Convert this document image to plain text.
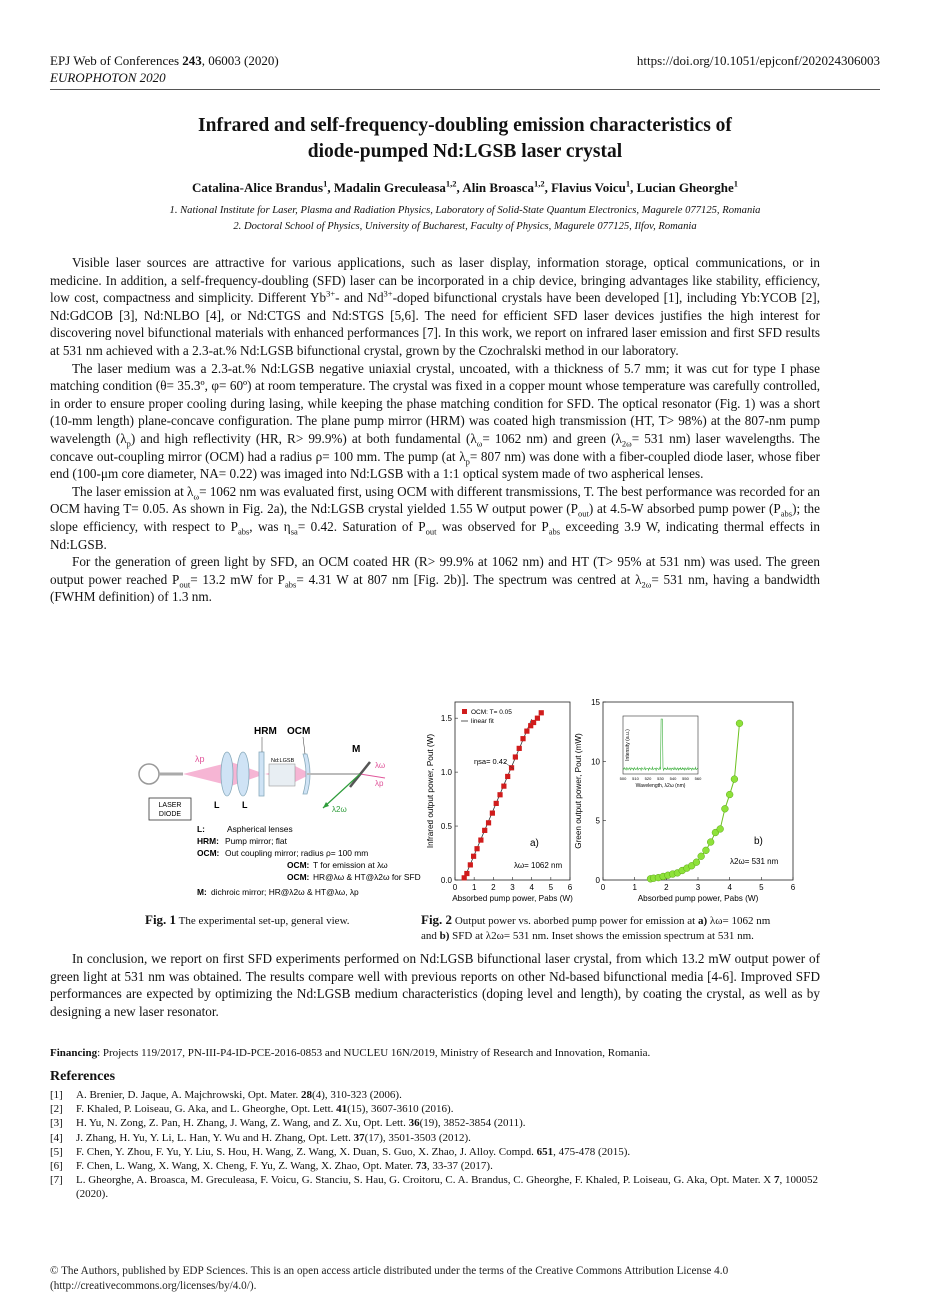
EPJ Web of Conferences 243, 06003 (2020)
EUROPHOTON 2020
https://doi.org/10.1051/epjconf/202024306003
Infrared and self-frequency-doubling emission characteristics of
diode-pumped Nd:LGSB laser crystal
Catalina-Alice Brandus$^1$, Madalin Greculeasa$^{1,2}$, Alin Broasca$^{1,2}$, Flavius Voicu$^1$, Lucian Gheorghe$^1$
1. National Institute for Laser, Plasma and Radiation Physics, Laboratory of Solid-State Quantum Electronics, Magurele 077125, Romania
2. Doctoral School of Physics, University of Bucharest, Faculty of Physics, Magurele 077125, Ilfov, Romania

Visible laser sources are attractive for various applications, such as laser display, information storage, optical communications, or in medicine. In addition, a self-frequency-doubling (SFD) laser can be incorporated in a chip device, bringing advantages like stability, efficiency, low cost, compactness and simplicity. Different $Yb^{3+}-$ and $Nd^{3+}$-doped bifunctional crystals have been developed [1], including Yb:YCOB [2], Nd:GdCOB [3], Nd:NLBO [4], or Nd:CTGS and Nd:STGS [5,6]. The need for efficient SFD laser devices justifies the high interest for discovering novel bifunctional materials with enhanced performances [7]. In this work, we report on infrared laser emission and first SFD results at 531 nm achieved with a 2.3-at.% Nd:LGSB bifunctional crystal, grown by the Czochralski method in our laboratory.

The laser medium was a 2.3-at.% Nd:LGSB negative uniaxial crystal, uncoated, with a thickness of 5.7 mm; it was cut for type I phase matching condition (θ= 35.3º, φ= 60º) at room temperature. The crystal was fixed in a copper mount whose temperature was carefully controlled, in order to ensure proper cooling during lasing, while keeping the phase matching condition for SFD. The optical resonator (Fig. 1) was a short (10-mm length) plane-concave configuration. The plane pump mirror (HRM) was coated high transmission (HT, T> 98%) at the 807-nm pump wavelength $(\lambda_p)$ and high reflectivity (HR, R> 99.9%) at both fundamental ($\lambda_\omega= 1062$ nm) and green ($\lambda_{2\omega}= 531$ nm) laser wavelengths. The concave out-coupling mirror (OCM) had a radius ρ= 100 mm. The pump (at $\lambda_p= 807$ nm) was done with a fiber-coupled diode laser, whose fiber end (100-μm core diameter, NA= 0.22) was imaged into Nd:LGSB with a 1:1 optical system made of two aspherical lenses.

The laser emission at $\lambda_\omega= 1062$ nm was evaluated first, using OCM with different transmissions, T. The best performance was recorded for an OCM having T= 0.05. As shown in Fig. 2a), the Nd:LGSB crystal yielded 1.55 W output power $(P_{out})$ at 4.5-W absorbed pump power $(P_{abs})$; the slope efficiency, with respect to $P_{abs}$, was $\eta_{sa}= 0.42$. Saturation of $P_{out}$ was observed for $P_{abs}$ exceeding 3.9 W, indicating thermal effects in Nd:LGSB.

For the generation of green light by SFD, an OCM coated HR (R> 99.9% at 1062 nm) and HT (T> 95% at 531 nm) was used. The green output power reached $P_{out}= 13.2$ mW for $P_{abs}= 4.31$ W at 807 nm [Fig. 2b)]. The spectrum was centred at $\lambda_{2\omega}= 531$ nm, having a bandwidth (FWHM definition) of 1.3 nm.

LASER
DIODE
λp
L	L
HRM
Nd:LGSB
OCM
M
λ2ω
λω
λp
L:	Aspherical lenses
HRM: Pump mirror; flat
OCM: Out coupling mirror; radius ρ= 100 mm
OCM: T for emission at λω
OCM: HR@λω & HT@λ2ω for SFD
M: dichroic mirror; HR@λ2ω & HT@λω, λp
Fig. 1 The experimental set-up, general view.
0 1 2 3 4 5 6
0.0
0.5
1.0
1.5
Absorbed pump power, Pabs (W)
Infrared output power, Pout (W)
OCM: T= 0.05
linear fit
ηsa= 0.42
λω= 1062 nm
a)
0	1	2	3	4	5	6
0
5
10
15
Absorbed pump power, Pabs (W)
Green output power, Pout (mW)
λ2ω= 531 nm
b)
500 510 520 530 540 550 560
Wavelength, λ2ω (nm)
Intensity (a.u.)
Fig. 2 Output power vs. aborbed pump power for emission at a) λω= 1062 nm
and b) SFD at λ2ω= 531 nm. Inset shows the emission spectrum at 531 nm.

In conclusion, we report on first SFD experiments performed on Nd:LGSB bifunctional laser crystal, from which 13.2 mW output power of green light at 531 nm was obtained. The results compare well with previous reports on other Nd-based bifunctional media [4-6]. Improved SFD performances are expected by optimizing the Nd:LGSB medium characteristics (doping level and length), by coating the crystal, as well as by designing a new laser resonator.

Financing: Projects 119/2017, PN-III-P4-ID-PCE-2016-0853 and NUCLEU 16N/2019, Ministry of Research and Innovation, Romania.
References
[1] A. Brenier, D. Jaque, A. Majchrowski, Opt. Mater. 28(4), 310-323 (2006).
[2] F. Khaled, P. Loiseau, G. Aka, and L. Gheorghe, Opt. Lett. 41(15), 3607-3610 (2016).
[3] H. Yu, N. Zong, Z. Pan, H. Zhang, J. Wang, Z. Wang, and Z. Xu, Opt. Lett. 36(19), 3852-3854 (2011).
[4] J. Zhang, H. Yu, Y. Li, L. Han, Y. Wu and H. Zhang, Opt. Lett. 37(17), 3501-3503 (2012).
[5] F. Chen, Y. Zhou, F. Yu, Y. Liu, S. Hou, H. Wang, Z. Wang, X. Duan, S. Guo, X. Zhao, J. Alloy. Compd. 651, 475-478 (2015).
[6] F. Chen, L. Wang, X. Wang, X. Cheng, F. Yu, Z. Wang, X. Zhao, Opt. Mater. 73, 33-37 (2017).
[7] L. Gheorghe, A. Broasca, M. Greculeasa, F. Voicu, G. Stanciu, S. Hau, G. Croitoru, C. A. Brandus, C. Gheorghe, F. Khaled, P. Loiseau, G. Aka, Opt. Mater. X 7, 100052 (2020).
© The Authors, published by EDP Sciences. This is an open access article distributed under the terms of the Creative Commons Attribution License 4.0
(http://creativecommons.org/licenses/by/4.0/).
